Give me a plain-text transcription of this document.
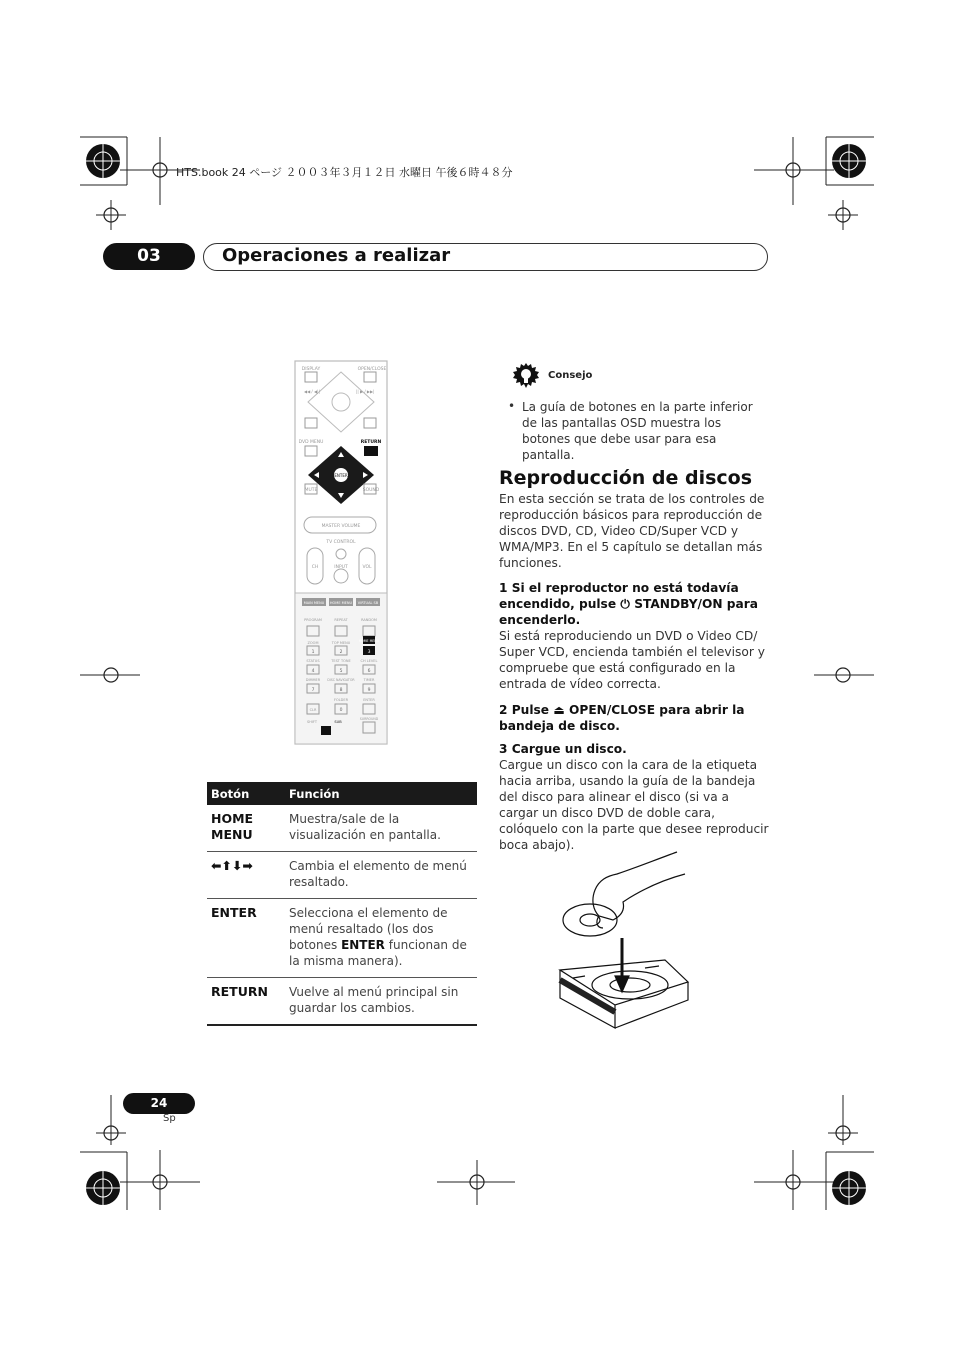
HTS.book 24 ページ ２００３年３月１２日 水曜日 午後６時４８分
03	Operaciones a realizar
DISPLAY	OPEN/CLOSE
◀◀ / ◀||	|| ▶ / ▶▶|
DVD MENU	RETURN
ENTER
MUTE	SOUND
MASTER VOLUME
TV CONTROL
CH	INPUT	VOL
MAIN MENU HOME MENU VIRTUAL SB
PROGRAM	REPEAT	RANDOM
ZOOM	TOP MENU	HOME MENU
STATUS	TEST TONE	CH LEVEL
DIMMER DISC NAVIGATOR	TIMER
CLR
FOLDER	ENTER
SHIFT	SUB
SURROUND
1	2	3
4	5	6
7	8	9
0
Consejo
• La guía de botones en la parte inferior de las pantallas OSD muestra los botones que debe usar para esa pantalla.
Reproducción de discos
En esta sección se trata de los controles de reproducción básicos para reproducción de discos DVD, CD, Video CD/Super VCD y WMA/MP3. En el 5 capítulo se detallan más funciones.
1 Si el reproductor no está todavía encendido, pulse ⏻ STANDBY/ON para encenderlo.
Si está reproduciendo un DVD o Video CD/ Super VCD, encienda también el televisor y compruebe que está configurado en la entrada de vídeo correcta.
2 Pulse ⏏ OPEN/CLOSE para abrir la bandeja de disco.
3 Cargue un disco.
Cargue un disco con la cara de la etiqueta hacia arriba, usando la guía de la bandeja del disco para alinear el disco (si va a cargar un disco DVD de doble cara, colóquelo con la parte que desee reproducir boca abajo).
Botón	Función
HOME MENU	Muestra/sale de la visualización en pantalla.
⬅⬆⬇➡	Cambia el elemento de menú resaltado.
ENTER	Selecciona el elemento de menú resaltado (los dos botones ENTER funcionan de la misma manera).
RETURN	Vuelve al menú principal sin guardar los cambios.
24
Sp
